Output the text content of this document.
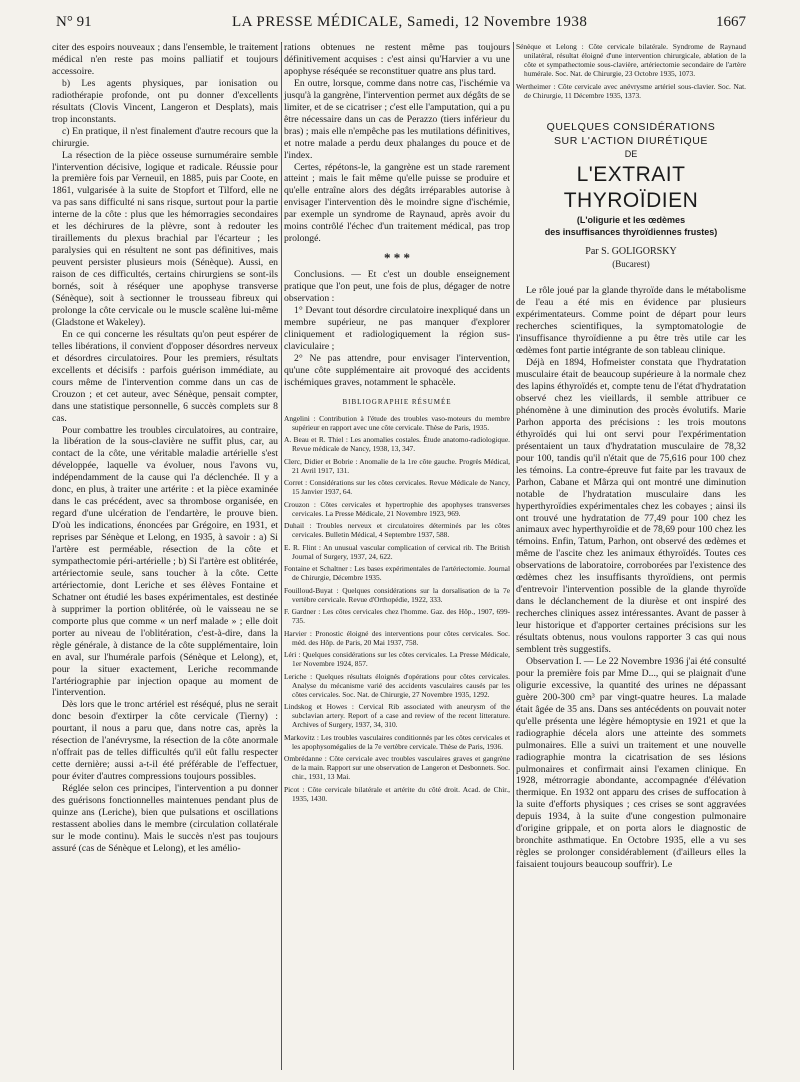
N° 91	LA PRESSE MÉDICALE, Samedi, 12 Novembre 1938	1667

citer des espoirs nouveaux ; dans l'ensemble, le traitement médical n'en reste pas moins palliatif et toujours accessoire.

b) Les agents physiques, par ionisation ou radiothérapie profonde, ont pu donner d'excellents résultats (Clovis Vincent, Langeron et Desplats), mais trop inconstants.

c) En pratique, il n'est finalement d'autre recours que la chirurgie.

La résection de la pièce osseuse surnuméraire semble l'intervention décisive, logique et radicale. Réussie pour la première fois par Verneuil, en 1885, puis par Coote, en 1861, vulgarisée à la suite de Stopfort et Tilford, elle ne va pas sans difficulté ni sans risque, surtout pour la partie interne de la côte : plus que les hémorragies secondaires et les déchirures de la plèvre, sont à redouter les tiraillements du plexus brachial par l'écarteur ; les paralysies qui en résultent ne sont pas définitives, mais peuvent persister plusieurs mois (Sénèque). Aussi, en raison de ces difficultés, certains chirurgiens se sont-ils bornés, soit à réséquer une apophyse transverse (Sénèque), soit à sectionner le trousseau fibreux qui prolonge la côte cervicale ou le muscle scalène lui-même (Gladstone et Wakeley).

En ce qui concerne les résultats qu'on peut espérer de telles libérations, il convient d'opposer désordres nerveux et désordres circulatoires. Pour les premiers, résultats excellents et décisifs : parfois guérison immédiate, au cours même de l'intervention comme dans un cas de Crouzon ; et cet auteur, avec Sénèque, pensait compter, dans une statistique personnelle, 6 succès complets sur 8 cas.

Pour combattre les troubles circulatoires, au contraire, la libération de la sous-clavière ne suffit plus, car, au contact de la côte, une véritable maladie artérielle s'est développée, laquelle va évoluer, nous l'avons vu, indépendamment de la cause qui l'a déclenchée. Il y a donc, en plus, à traiter une artérite : et la pièce examinée dans le cas précédent, avec sa thrombose organisée, en regard d'une ulcération de l'endartère, le prouve bien. D'où les indications, énoncées par Grégoire, en 1931, et reprises par Sénèque et Lelong, en 1935, à savoir : a) Si l'artère est perméable, résection de la côte et sympathectomie péri-artérielle ; b) Si l'artère est oblitérée, artériectomie seule, sans toucher à la côte. Cette artériectomie, dont Leriche et ses élèves Fontaine et Schatner ont étudié les bases expérimentales, est destinée à supprimer la portion oblitérée, où le vaisseau ne se comporte plus que comme « un nerf malade » ; elle doit porter au niveau de l'oblitération, c'est-à-dire, dans la règle générale, à distance de la côte supplémentaire, loin en aval, sur l'humérale parfois (Sénèque et Lelong), et, pour la situer exactement, Leriche recommande l'artériographie par injection opaque au moment de l'intervention.

Dès lors que le tronc artériel est réséqué, plus ne serait donc besoin d'extirper la côte cervicale (Tierny) : pourtant, il nous a paru que, dans notre cas, après la résection de l'anévrysme, la résection de la côte anormale n'offrait pas de telles difficultés qu'il eût fallu respecter cette dernière; aussi a-t-il été préférable de l'effectuer, pour éviter d'autres compressions toujours possibles.

Réglée selon ces principes, l'intervention a pu donner des guérisons fonctionnelles maintenues pendant plus de quinze ans (Leriche), bien que pulsations et oscillations restassent abolies dans le membre (circulation collatérale sur le mode continu). Mais le succès n'est pas toujours assuré (cas de Sénèque et Lelong), et les amélio-

rations obtenues ne restent même pas toujours définitivement acquises : c'est ainsi qu'Harvier a vu une apophyse réséquée se reconstituer quatre ans plus tard.

En outre, lorsque, comme dans notre cas, l'ischémie va jusqu'à la gangrène, l'intervention permet aux dégâts de se limiter, et de se cicatriser ; c'est elle l'amputation, qui a pu être nécessaire dans un cas de Perazzo (tiers inférieur du bras) ; mais elle n'empêche pas les mutilations définitives, et notre malade a perdu deux phalanges du pouce et de l'index.

Certes, répétons-le, la gangrène est un stade rarement atteint ; mais le fait même qu'elle puisse se produire et qu'elle entraîne alors des dégâts irréparables autorise à envisager l'intervention dès le moindre signe d'ischémie, par exemple un syndrome de Raynaud, après avoir du moins contrôlé l'échec d'un traitement médical, pas trop prolongé.

* * *

Conclusions. — Et c'est un double enseignement pratique que l'on peut, une fois de plus, dégager de notre observation :

1° Devant tout désordre circulatoire inexpliqué dans un membre supérieur, ne pas manquer d'explorer cliniquement et radiologiquement la région sus-claviculaire ;

2° Ne pas attendre, pour envisager l'intervention, qu'une côte supplémentaire ait provoqué des accidents ischémiques graves, notamment le sphacèle.

BIBLIOGRAPHIE RÉSUMÉE

Angelini : Contribution à l'étude des troubles vaso-moteurs du membre supérieur en rapport avec une côte cervicale. Thèse de Paris, 1935.

A. Beau et R. Thiel : Les anomalies costales. Étude anatomo-radiologique. Revue médicale de Nancy, 1938, 13, 347.

Clerc, Didier et Bobrie : Anomalie de la 1re côte gauche. Progrès Médical, 21 Avril 1917, 131.

Corret : Considérations sur les côtes cervicales. Revue Médicale de Nancy, 15 Janvier 1937, 64.

Crouzon : Côtes cervicales et hypertrophie des apophyses transverses cervicales. La Presse Médicale, 21 Novembre 1923, 969.

Duhail : Troubles nerveux et circulatoires déterminés par les côtes cervicales. Bulletin Médical, 4 Septembre 1937, 588.

E. R. Flint : An unusual vascular complication of cervical rib. The British Journal of Surgery, 1937, 24, 622.

Fontaine et Schaltner : Les bases expérimentales de l'artériectomie. Journal de Chirurgie, Décembre 1935.

Fouilloud-Buyat : Quelques considérations sur la dorsalisation de la 7e vertèbre cervicale. Revue d'Orthopédie, 1922, 333.

F. Gardner : Les côtes cervicales chez l'homme. Gaz. des Hôp., 1907, 699-735.

Harvier : Pronostic éloigné des interventions pour côtes cervicales. Soc. méd. des Hôp. de Paris, 20 Mai 1937, 758.

Léri : Quelques considérations sur les côtes cervicales. La Presse Médicale, 1er Novembre 1924, 857.

Leriche : Quelques résultats éloignés d'opérations pour côtes cervicales. Analyse du mécanisme varié des accidents vasculaires causés par les côtes cervicales. Soc. Nat. de Chirurgie, 27 Novembre 1935, 1292.

Lindskog et Howes : Cervical Rib associated with aneurysm of the subclavian artery. Report of a case and review of the recent litterature. Archives of Surgery, 1937, 34, 310.

Markovitz : Les troubles vasculaires conditionnés par les côtes cervicales et les apophysomégalies de la 7e vertèbre cervicale. Thèse de Paris, 1936.

Ombrédanne : Côte cervicale avec troubles vasculaires graves et gangrène de la main. Rapport sur une observation de Langeron et Desbonnets. Soc. chir., 1931, 13 Mai.

Picot : Côte cervicale bilatérale et artérite du côté droit. Acad. de Chir., 1935, 1430.

Sénèque et Lelong : Côte cervicale bilatérale. Syndrome de Raynaud unilatéral, résultat éloigné d'une intervention chirurgicale, ablation de la côte et sympathectomie sous-clavière, artériectomie secondaire de l'artère humérale. Soc. Nat. de Chirurgie, 23 Octobre 1935, 1073.

Wertheimer : Côte cervicale avec anévrysme artériel sous-clavier. Soc. Nat. de Chirurgie, 11 Décembre 1935, 1373.

QUELQUES CONSIDÉRATIONS
SUR L'ACTION DIURÉTIQUE
DE
L'EXTRAIT THYROÏDIEN
(L'oligurie et les œdèmes
des insuffisances thyroïdiennes frustes)
Par S. GOLIGORSKY
(Bucarest)

Le rôle joué par la glande thyroïde dans le métabolisme de l'eau a été mis en évidence par plusieurs expérimentateurs. Comme point de départ pour leurs recherches scientifiques, la symptomatologie de l'insuffisance thyroïdienne a pu être très utile car les œdèmes font partie intégrante de son tableau clinique.

Déjà en 1894, Hofmeister constata que l'hydratation musculaire était de beaucoup supérieure à la normale chez des lapins éthyroïdés et, compte tenu de l'état d'hydratation observé chez les vieillards, il semble attribuer ce phénomène à une diminution des procès évolutifs. Marie Parhon apporta des précisions : les trois moutons éthyroïdés qui lui ont servi pour l'expérimentation présentaient un taux d'hydratation musculaire de 78,32 pour 100, tandis qu'il n'était que de 75,616 pour 100 chez les témoins. La contre-épreuve fut faite par les travaux de Parhon, Cabane et Mârza qui ont montré une diminution notable de l'hydratation musculaire dans les hyperthyroïdies expérimentales chez les cobayes ; ainsi ils ont trouvé une hydratation de 77,49 pour 100 chez les animaux avec hyperthyroïdie et de 78,69 pour 100 chez les témoins. Enfin, Tatum, Parhon, ont observé des œdèmes et même de l'ascite chez les animaux éthyroïdés. Toutes ces observations de laboratoire, corroborées par l'existence des œdèmes chez les insuffisants thyroïdiens, ont permis d'entrevoir l'intervention possible de la glande thyroïde dans le déclanchement de la diurèse et ont inspiré des recherches cliniques assez intéressantes. Avant de passer à leur historique et d'apporter certaines précisions sur les résultats obtenus, nous voulons rapporter 3 cas qui nous semblent très suggestifs.

Observation I. — Le 22 Novembre 1936 j'ai été consulté pour la première fois par Mme D..., qui se plaignait d'une oligurie excessive, la quantité des urines ne dépassant guère 200-300 cm³ par vingt-quatre heures. La malade était âgée de 35 ans. Dans ses antécédents on pouvait noter qu'elle présenta une légère hémoptysie en 1921 et que la radiographie décela alors une atteinte des sommets pulmonaires. Elle a suivi un traitement et une nouvelle radiographie montra la cicatrisation de ses lésions pulmonaires et confirmait ainsi l'examen clinique. En 1928, métrorragie abondante, accompagnée d'élévation thermique. En 1932 ont apparu des crises de suffocation à la suite d'efforts physiques ; ces crises se sont aggravées depuis 1934, à la suite d'une congestion pulmonaire d'origine grippale, et on porta alors le diagnostic de bronchite asthmatique. En Octobre 1935, elle a vu ses règles se prolonger considérablement (d'ailleurs elles la faisaient toujours beaucoup souffrir). Le
